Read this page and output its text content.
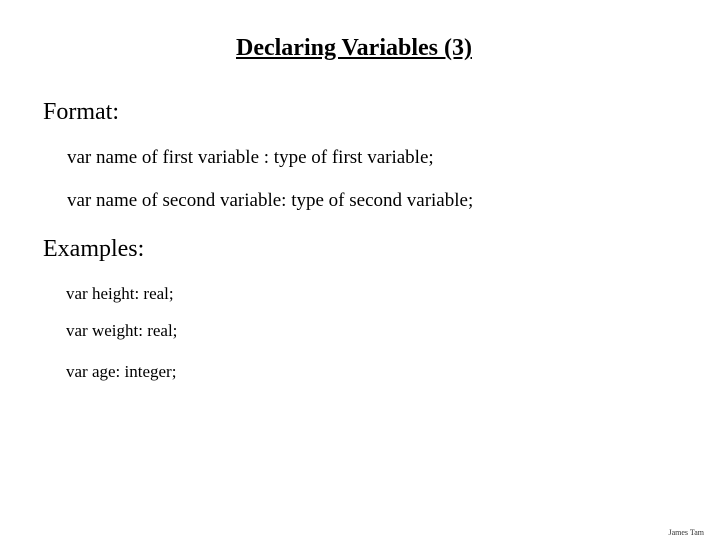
Declaring Variables (3)
Format:
var name of first variable : type of first variable;
var name of second variable: type of second variable;
Examples:
var height: real;
var weight: real;
var age: integer;
James Tam
